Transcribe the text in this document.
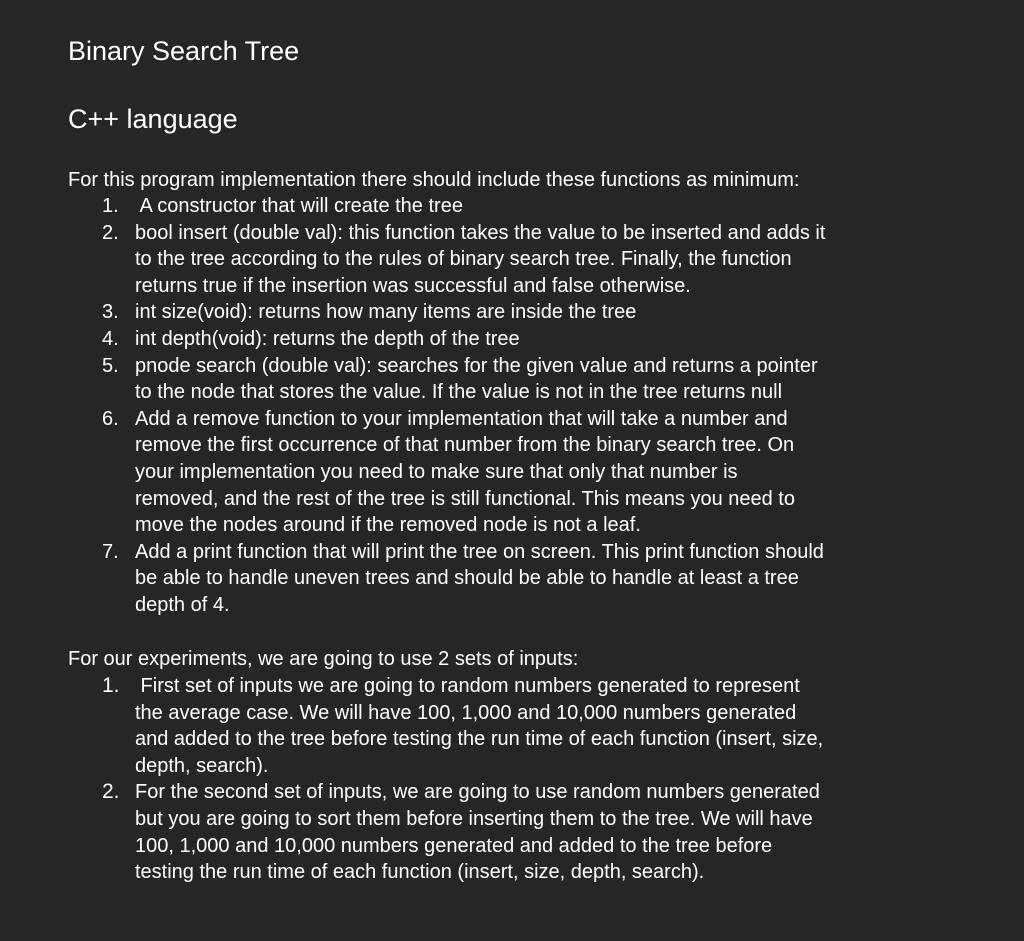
Binary Search Tree
C++ language
For this program implementation there should include these functions as minimum:
1. A constructor that will create the tree
2. bool insert (double val): this function takes the value to be inserted and adds it
to the tree according to the rules of binary search tree. Finally, the function
returns true if the insertion was successful and false otherwise.
3. int size(void): returns how many items are inside the tree
4. int depth(void): returns the depth of the tree
5. pnode search (double val): searches for the given value and returns a pointer
to the node that stores the value. If the value is not in the tree returns null
6. Add a remove function to your implementation that will take a number and
remove the first occurrence of that number from the binary search tree. On
your implementation you need to make sure that only that number is
removed, and the rest of the tree is still functional. This means you need to
move the nodes around if the removed node is not a leaf.
7. Add a print function that will print the tree on screen. This print function should
be able to handle uneven trees and should be able to handle at least a tree
depth of 4.
For our experiments, we are going to use 2 sets of inputs:
1. First set of inputs we are going to random numbers generated to represent
the average case. We will have 100, 1,000 and 10,000 numbers generated
and added to the tree before testing the run time of each function (insert, size,
depth, search).
2. For the second set of inputs, we are going to use random numbers generated
but you are going to sort them before inserting them to the tree. We will have
100, 1,000 and 10,000 numbers generated and added to the tree before
testing the run time of each function (insert, size, depth, search).
